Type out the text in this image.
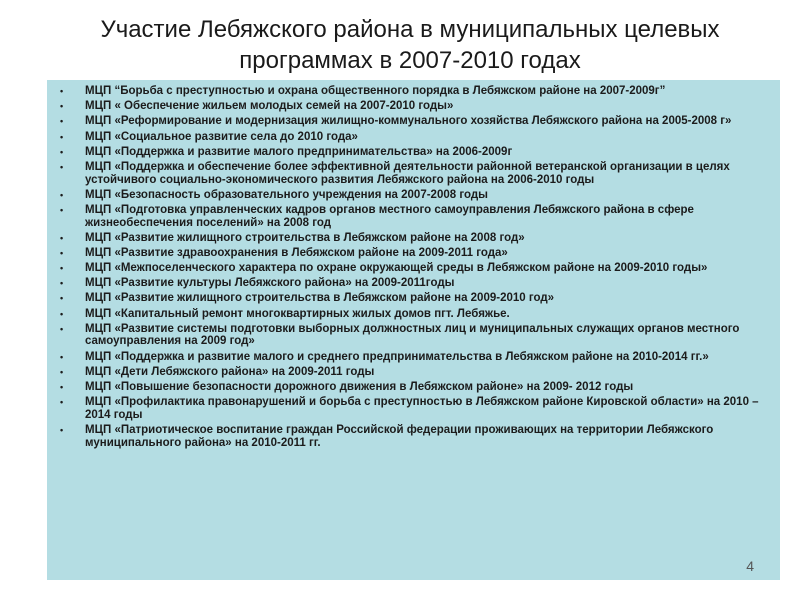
Участие Лебяжского района в муниципальных целевых программах в 2007-2010 годах
• МЦП “Борьба с преступностью и охрана общественного порядка в Лебяжском районе на 2007-2009г”
• МЦП « Обеспечение жильем молодых семей на 2007-2010 годы»
• МЦП «Реформирование и модернизация жилищно-коммунального хозяйства Лебяжского района на 2005-2008 г»
• МЦП «Социальное развитие села до 2010 года»
• МЦП «Поддержка и развитие малого предпринимательства» на 2006-2009г
• МЦП «Поддержка и обеспечение более эффективной деятельности районной ветеранской организации в целях устойчивого социально-экономического развития Лебяжского района на 2006-2010 годы
• МЦП «Безопасность образовательного учреждения на 2007-2008 годы
• МЦП «Подготовка управленческих кадров органов местного самоуправления Лебяжского района в сфере жизнеобеспечения поселений» на 2008 год
• МЦП «Развитие жилищного строительства в Лебяжском районе на 2008 год»
• МЦП «Развитие здравоохранения в Лебяжском районе на 2009-2011 года»
• МЦП «Межпоселенческого характера по охране окружающей среды в Лебяжском районе на 2009-2010 годы»
• МЦП «Развитие культуры Лебяжского района» на 2009-2011годы
• МЦП «Развитие жилищного строительства в Лебяжском районе на 2009-2010 год»
• МЦП «Капитальный ремонт многоквартирных жилых домов пгт. Лебяжье.
• МЦП «Развитие системы подготовки выборных должностных лиц и муниципальных служащих органов местного самоуправления на 2009 год»
• МЦП «Поддержка и развитие малого и среднего предпринимательства в Лебяжском районе на 2010-2014 гг.»
• МЦП «Дети Лебяжского района» на 2009-2011 годы
• МЦП «Повышение безопасности дорожного движения в Лебяжском районе» на 2009- 2012 годы
• МЦП «Профилактика правонарушений и борьба с преступностью в Лебяжском районе Кировской области» на 2010 – 2014 годы
• МЦП «Патриотическое воспитание граждан Российской федерации проживающих на территории Лебяжского муниципального района» на 2010-2011 гг.
4
